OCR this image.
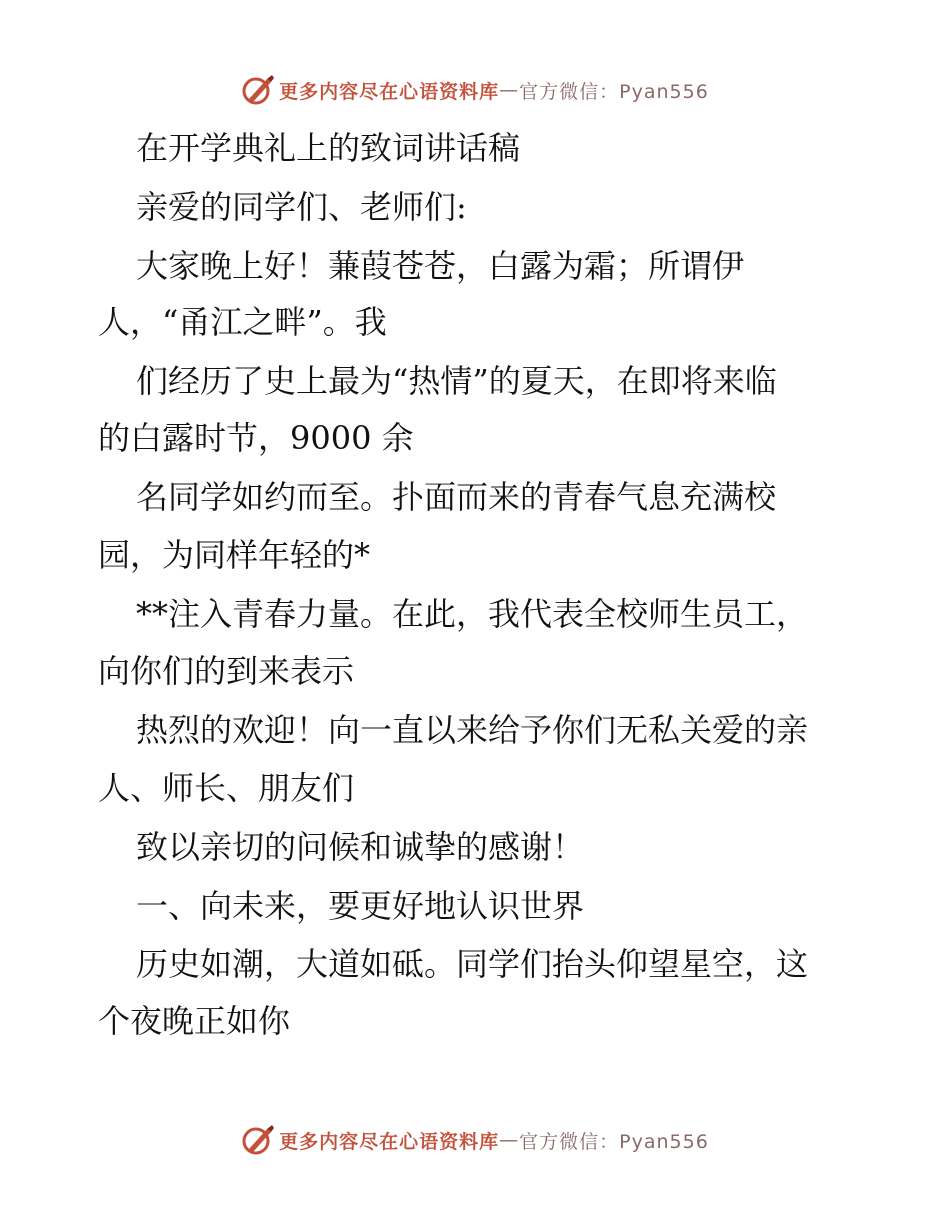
更多内容尽在心语资料库 — 官方微信：Pyan556
在开学典礼上的致词讲话稿
亲爱的同学们、老师们:
大家晚上好！蒹葭苍苍，白露为霜；所谓伊
人，“甬江之畔”。我
们经历了史上最为“热情”的夏天，在即将来临
的白露时节，9000 余
名同学如约而至。扑面而来的青春气息充满校
园，为同样年轻的*
**注入青春力量。在此，我代表全校师生员工，
向你们的到来表示
热烈的欢迎！向一直以来给予你们无私关爱的亲
人、师长、朋友们
致以亲切的问候和诚挚的感谢！
一、向未来，要更好地认识世界
历史如潮，大道如砥。同学们抬头仰望星空，这
个夜晚正如你
更多内容尽在心语资料库 — 官方微信：Pyan556
